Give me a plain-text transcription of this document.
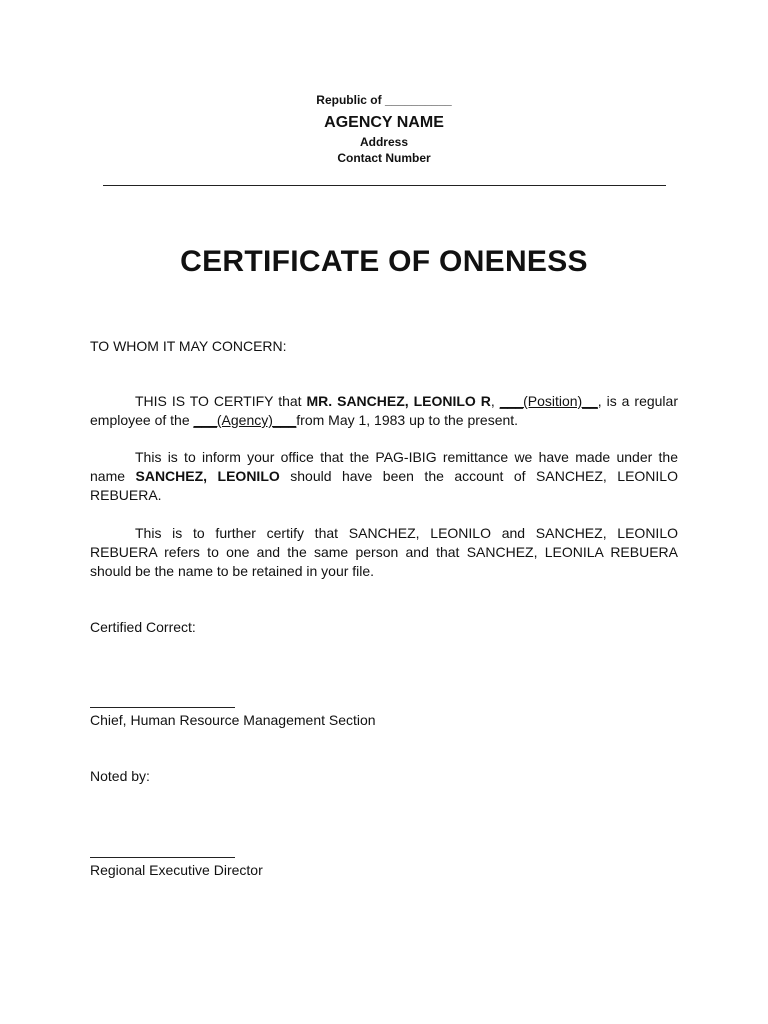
Republic of __________
AGENCY NAME
Address
Contact Number
CERTIFICATE OF ONENESS
TO WHOM IT MAY CONCERN:
THIS IS TO CERTIFY that MR. SANCHEZ, LEONILO R, ___(Position)__, is a regular employee of the ___(Agency)___from May 1, 1983 up to the present.
This is to inform your office that the PAG-IBIG remittance we have made under the name SANCHEZ, LEONILO should have been the account of SANCHEZ, LEONILO REBUERA.
This is to further certify that SANCHEZ, LEONILO and SANCHEZ, LEONILO REBUERA refers to one and the same person and that SANCHEZ, LEONILA REBUERA should be the name to be retained in your file.
Certified Correct:
Chief, Human Resource Management Section
Noted by:
Regional Executive Director
